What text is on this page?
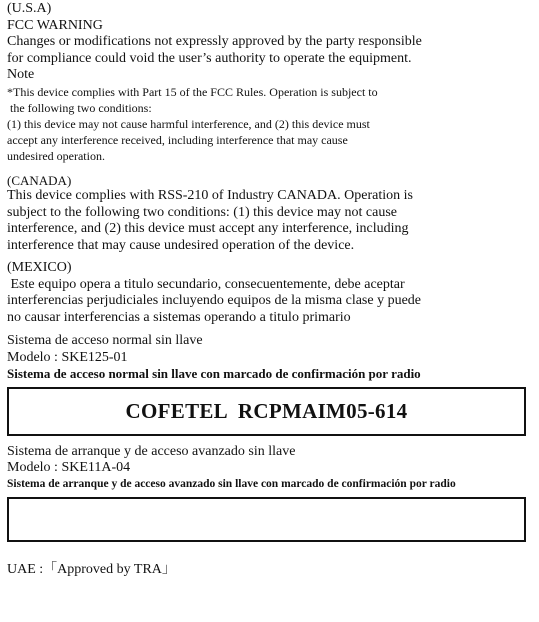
(U.S.A)
FCC WARNING
Changes or modifications not expressly approved by the party responsible
for compliance could void the user’s authority to operate the equipment.
Note
*This device complies with Part 15 of the FCC Rules. Operation is subject to
the following two conditions:
(1) this device may not cause harmful interference, and (2) this device must
accept any interference received, including interference that may cause
undesired operation.
(CANADA)
This device complies with RSS-210 of Industry CANADA. Operation is
subject to the following two conditions: (1) this device may not cause
interference, and (2) this device must accept any interference, including
interference that may cause undesired operation of the device.
(MEXICO)
Este equipo opera a titulo secundario, consecuentemente, debe aceptar
interferencias perjudiciales incluyendo equipos de la misma clase y puede
no causar interferencias a sistemas operando a titulo primario
Sistema de acceso normal sin llave
Modelo : SKE125-01
Sistema de acceso normal sin llave con marcado de confirmación por radio
COFETEL  RCPMAIM05-614
Sistema de arranque y de acceso avanzado sin llave
Modelo : SKE11A-04
Sistema de arranque y de acceso avanzado sin llave con marcado de confirmación por radio
UAE :「Approved by TRA」
